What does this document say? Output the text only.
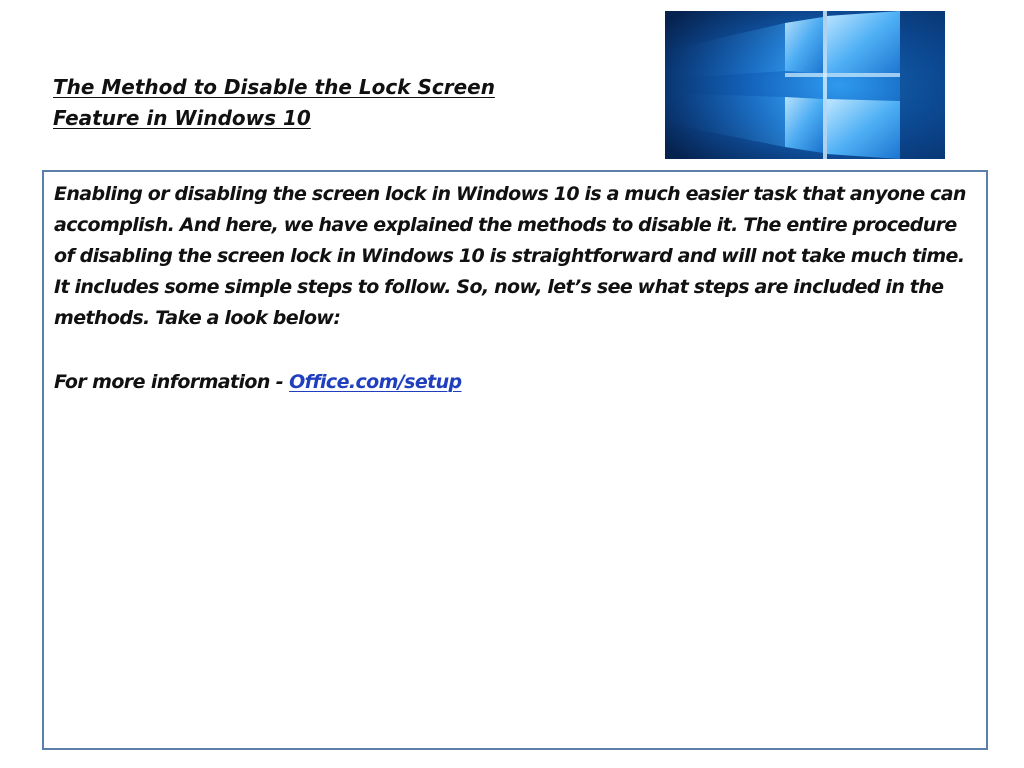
The Method to Disable the Lock Screen
Feature in Windows 10

Enabling or disabling the screen lock in Windows 10 is a much easier task that anyone can accomplish. And here, we have explained the methods to disable it. The entire procedure of disabling the screen lock in Windows 10 is straightforward and will not take much time. It includes some simple steps to follow. So, now, let’s see what steps are included in the methods. Take a look below:

For more information - Office.com/setup
